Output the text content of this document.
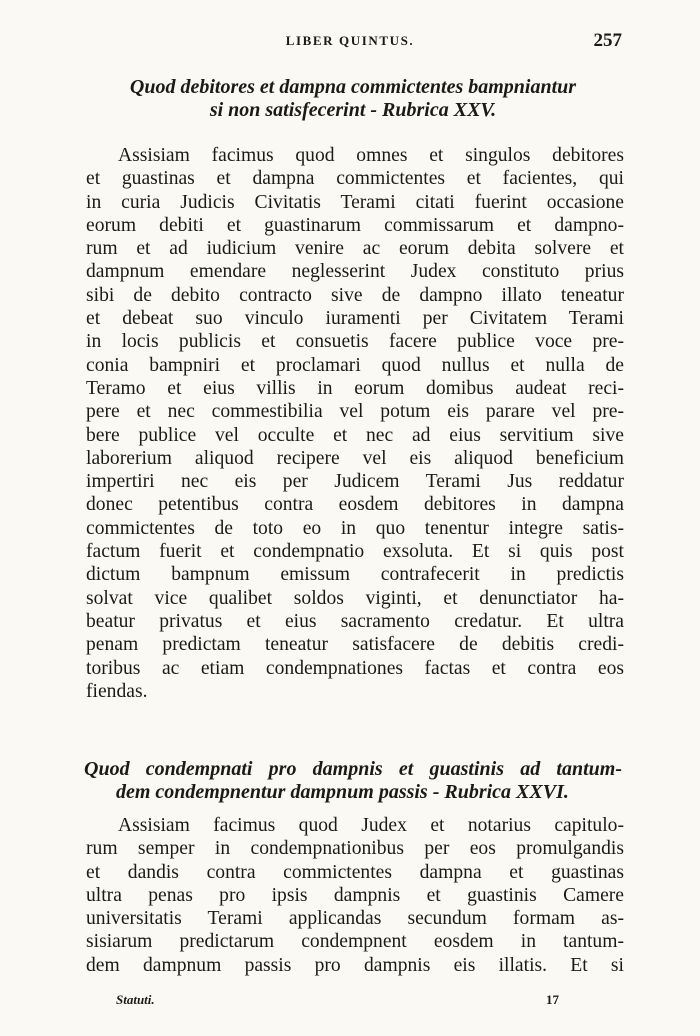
LIBER QUINTUS.	257
Quod debitores et dampna commictentes bampniantur
si non satisfecerint - Rubrica XXV.
Assisiam facimus quod omnes et singulos debitores
et guastinas et dampna commictentes et facientes, qui
in curia Judicis Civitatis Terami citati fuerint occasione
eorum debiti et guastinarum commissarum et dampno-
rum et ad iudicium venire ac eorum debita solvere et
dampnum emendare neglesserint Judex constituto prius
sibi de debito contracto sive de dampno illato teneatur
et debeat suo vinculo iuramenti per Civitatem Terami
in locis publicis et consuetis facere publice voce pre-
conia bampniri et proclamari quod nullus et nulla de
Teramo et eius villis in eorum domibus audeat reci-
pere et nec commestibilia vel potum eis parare vel pre-
bere publice vel occulte et nec ad eius servitium sive
laborerium aliquod recipere vel eis aliquod beneficium
impertiri nec eis per Judicem Terami Jus reddatur
donec petentibus contra eosdem debitores in dampna
commictentes de toto eo in quo tenentur integre satis-
factum fuerit et condempnatio exsoluta. Et si quis post
dictum bampnum emissum contrafecerit in predictis
solvat vice qualibet soldos viginti, et denunctiator ha-
beatur privatus et eius sacramento credatur. Et ultra
penam predictam teneatur satisfacere de debitis credi-
toribus ac etiam condempnationes factas et contra eos
fiendas.
Quod condempnati pro dampnis et guastinis ad tantum-
dem condempnentur dampnum passis - Rubrica XXVI.
Assisiam facimus quod Judex et notarius capitulo-
rum semper in condempnationibus per eos promulgandis
et dandis contra commictentes dampna et guastinas
ultra penas pro ipsis dampnis et guastinis Camere
universitatis Terami applicandas secundum formam as-
sisiarum predictarum condempnent eosdem in tantum-
dem dampnum passis pro dampnis eis illatis. Et si
Statuti.	17
